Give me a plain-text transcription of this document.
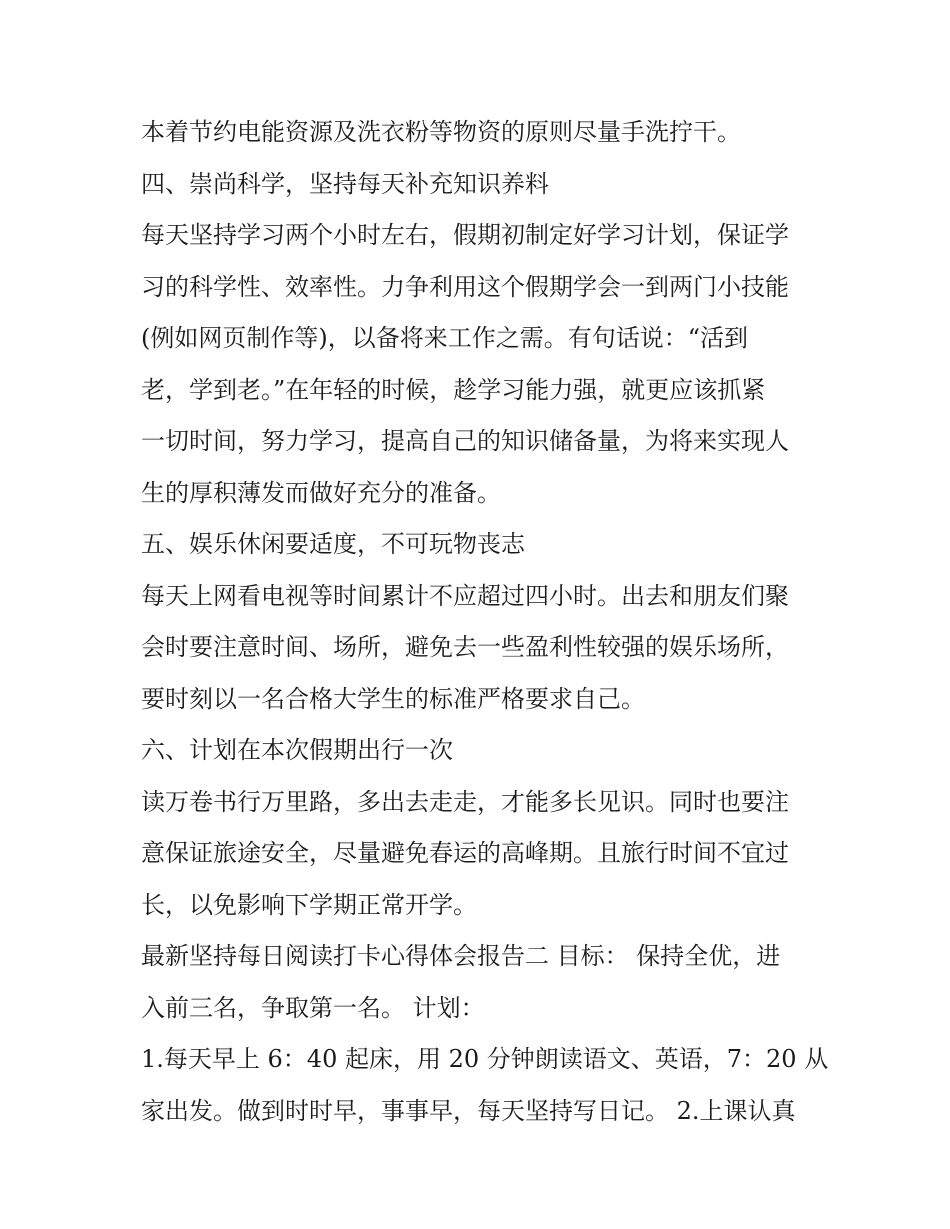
本着节约电能资源及洗衣粉等物资的原则尽量手洗拧干。
四、崇尚科学，坚持每天补充知识养料
每天坚持学习两个小时左右，假期初制定好学习计划，保证学
习的科学性、效率性。力争利用这个假期学会一到两门小技能
(例如网页制作等)，以备将来工作之需。有句话说：“活到
老，学到老。”在年轻的时候，趁学习能力强，就更应该抓紧
一切时间，努力学习，提高自己的知识储备量，为将来实现人
生的厚积薄发而做好充分的准备。
五、娱乐休闲要适度，不可玩物丧志
每天上网看电视等时间累计不应超过四小时。出去和朋友们聚
会时要注意时间、场所，避免去一些盈利性较强的娱乐场所，
要时刻以一名合格大学生的标准严格要求自己。
六、计划在本次假期出行一次
读万卷书行万里路，多出去走走，才能多长见识。同时也要注
意保证旅途安全，尽量避免春运的高峰期。且旅行时间不宜过
长，以免影响下学期正常开学。
最新坚持每日阅读打卡心得体会报告二 目标： 保持全优，进
入前三名，争取第一名。 计划：
1.每天早上 6：40 起床，用 20 分钟朗读语文、英语，7：20 从
家出发。做到时时早，事事早，每天坚持写日记。 2.上课认真
